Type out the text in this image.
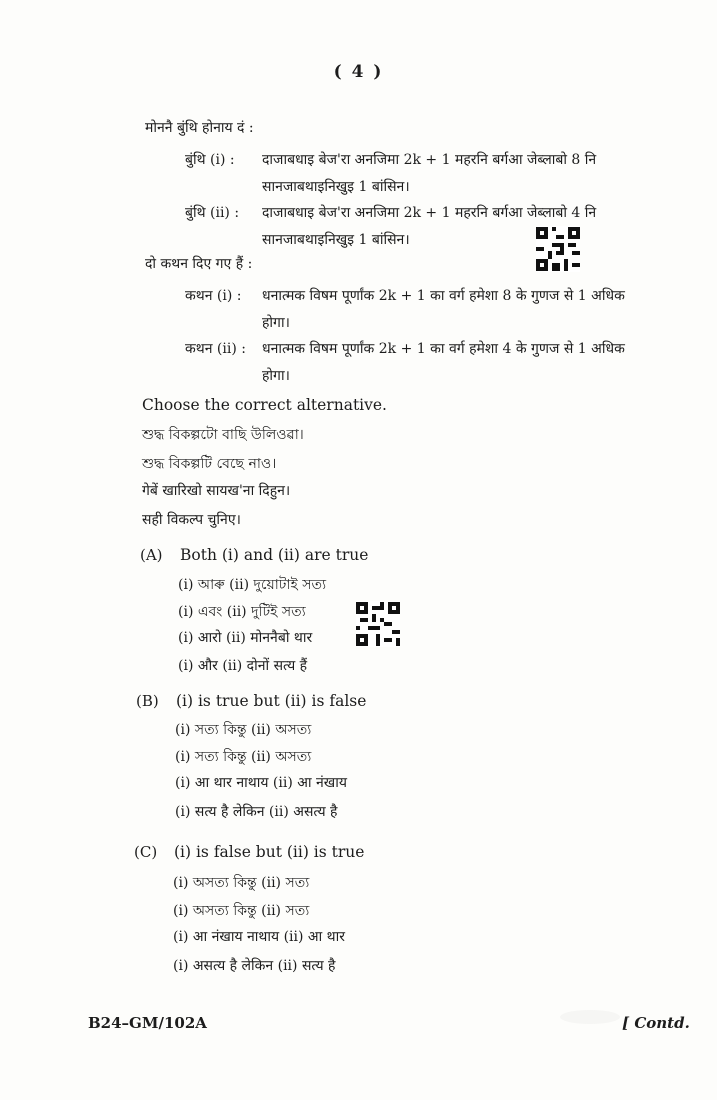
( 4 )
मोननै बुंथि होनाय दं :
बुंथि (i) : दाजाबधाइ बेज'रा अनजिमा 2k + 1 महरनि बर्गआ जेब्लाबो 8 नि
सानजाबथाइनिखुइ 1 बांसिन।
बुंथि (ii) : दाजाबधाइ बेज'रा अनजिमा 2k + 1 महरनि बर्गआ जेब्लाबो 4 नि
सानजाबथाइनिखुइ 1 बांसिन।
दो कथन दिए गए हैं :
कथन (i) : धनात्मक विषम पूर्णांक 2k + 1 का वर्ग हमेशा 8 के गुणज से 1 अधिक
होगा।
कथन (ii) : धनात्मक विषम पूर्णांक 2k + 1 का वर्ग हमेशा 4 के गुणज से 1 अधिक
होगा।
Choose the correct alternative.
শুদ্ধ বিকল্পটো বাছি উলিওৱা।
শুদ্ধ বিকল্পটি বেছে নাও।
गेबें खारिखो सायख'ना दिहुन।
सही विकल्प चुनिए।
(A) Both (i) and (ii) are true
(i) আৰু (ii) দুয়োটাই সত্য
(i) এবং (ii) দুটিই সত্য
(i) आरो (ii) मोननैबो थार
(i) और (ii) दोनों सत्य हैं
(B) (i) is true but (ii) is false
(i) সত্য কিন্তু (ii) অসত্য
(i) সত্য কিন্তু (ii) অসত্য
(i) आ थार नाथाय (ii) आ नंखाय
(i) सत्य है लेकिन (ii) असत्य है
(C) (i) is false but (ii) is true
(i) অসত্য কিন্তু (ii) সত্য
(i) অসত্য কিন্তু (ii) সত্য
(i) आ नंखाय नाथाय (ii) आ थार
(i) असत्य है लेकिन (ii) सत्य है
B24–GM/102A	[ Contd.
